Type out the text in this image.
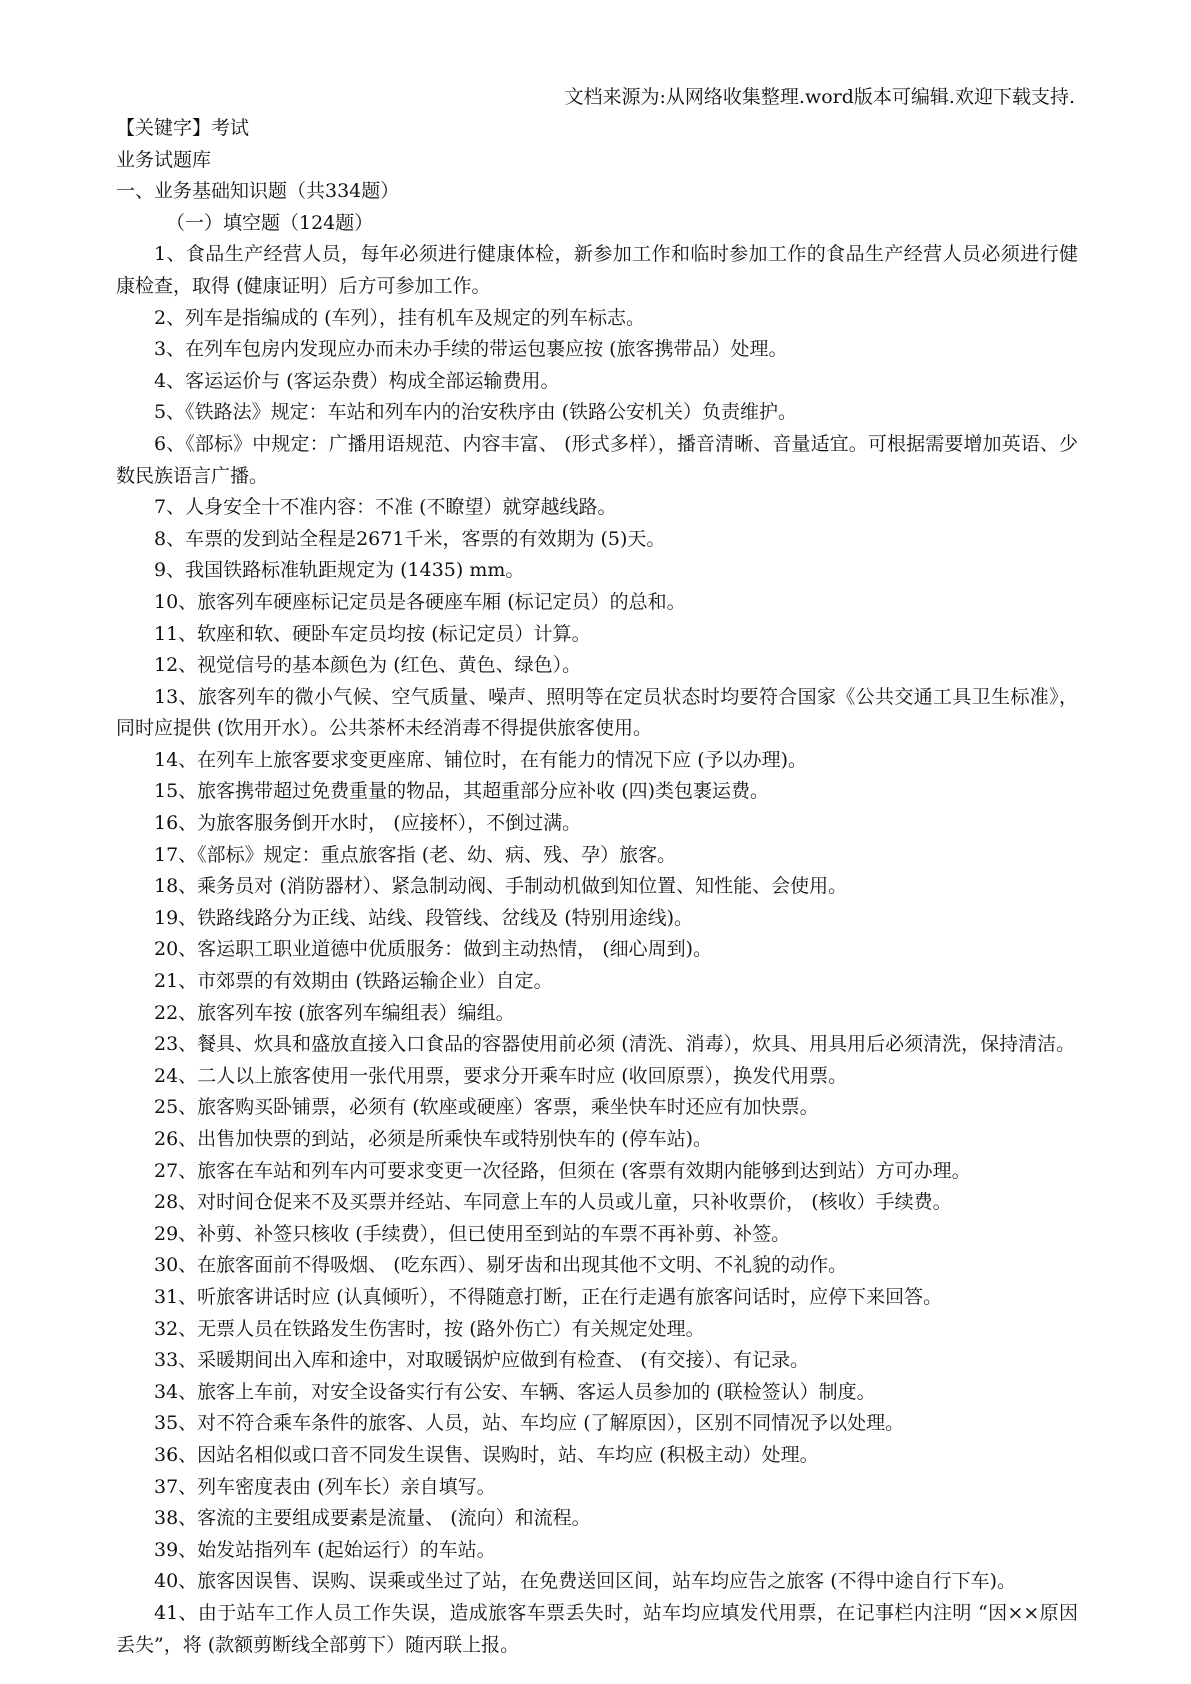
文档来源为:从网络收集整理.word版本可编辑.欢迎下载支持.

【关键字】考试

业务试题库

一、业务基础知识题（共334题）

（一）填空题（124题）

1、食品生产经营人员，每年必须进行健康体检，新参加工作和临时参加工作的食品生产经营人员必须进行健康检查，取得 (健康证明）后方可参加工作。

2、列车是指编成的 (车列），挂有机车及规定的列车标志。

3、在列车包房内发现应办而未办手续的带运包裹应按 (旅客携带品）处理。

4、客运运价与 (客运杂费）构成全部运输费用。

5、《铁路法》规定：车站和列车内的治安秩序由 (铁路公安机关）负责维护。

6、《部标》中规定：广播用语规范、内容丰富、 (形式多样），播音清晰、音量适宜。可根据需要增加英语、少数民族语言广播。

7、人身安全十不准内容：不准 (不瞭望）就穿越线路。

8、车票的发到站全程是2671千米，客票的有效期为 (5)天。

9、我国铁路标准轨距规定为 (1435) mm。

10、旅客列车硬座标记定员是各硬座车厢 (标记定员）的总和。

11、软座和软、硬卧车定员均按 (标记定员）计算。

12、视觉信号的基本颜色为 (红色、黄色、绿色）。

13、旅客列车的微小气候、空气质量、噪声、照明等在定员状态时均要符合国家《公共交通工具卫生标准》，同时应提供 (饮用开水）。公共茶杯未经消毒不得提供旅客使用。

14、在列车上旅客要求变更座席、铺位时，在有能力的情况下应 (予以办理)。

15、旅客携带超过免费重量的物品，其超重部分应补收 (四)类包裹运费。

16、为旅客服务倒开水时， (应接杯），不倒过满。

17、《部标》规定：重点旅客指 (老、幼、病、残、孕）旅客。

18、乘务员对 (消防器材）、紧急制动阀、手制动机做到知位置、知性能、会使用。

19、铁路线路分为正线、站线、段管线、岔线及 (特别用途线)。

20、客运职工职业道德中优质服务：做到主动热情， (细心周到)。

21、市郊票的有效期由 (铁路运输企业）自定。

22、旅客列车按 (旅客列车编组表）编组。

23、餐具、炊具和盛放直接入口食品的容器使用前必须 (清洗、消毒），炊具、用具用后必须清洗，保持清洁。

24、二人以上旅客使用一张代用票，要求分开乘车时应 (收回原票），换发代用票。

25、旅客购买卧铺票，必须有 (软座或硬座）客票，乘坐快车时还应有加快票。

26、出售加快票的到站，必须是所乘快车或特别快车的 (停车站)。

27、旅客在车站和列车内可要求变更一次径路，但须在 (客票有效期内能够到达到站）方可办理。

28、对时间仓促来不及买票并经站、车同意上车的人员或儿童，只补收票价， (核收）手续费。

29、补剪、补签只核收 (手续费），但已使用至到站的车票不再补剪、补签。

30、在旅客面前不得吸烟、 (吃东西）、剔牙齿和出现其他不文明、不礼貌的动作。

31、听旅客讲话时应 (认真倾听），不得随意打断，正在行走遇有旅客问话时，应停下来回答。

32、无票人员在铁路发生伤害时，按 (路外伤亡）有关规定处理。

33、采暖期间出入库和途中，对取暖锅炉应做到有检查、 (有交接）、有记录。

34、旅客上车前，对安全设备实行有公安、车辆、客运人员参加的 (联检签认）制度。

35、对不符合乘车条件的旅客、人员，站、车均应 (了解原因），区别不同情况予以处理。

36、因站名相似或口音不同发生误售、误购时，站、车均应 (积极主动）处理。

37、列车密度表由 (列车长）亲自填写。

38、客流的主要组成要素是流量、 (流向）和流程。

39、始发站指列车 (起始运行）的车站。

40、旅客因误售、误购、误乘或坐过了站，在免费送回区间，站车均应告之旅客 (不得中途自行下车)。

41、由于站车工作人员工作失误，造成旅客车票丢失时，站车均应填发代用票，在记事栏内注明 “因××原因丢失”，将 (款额剪断线全部剪下）随丙联上报。
